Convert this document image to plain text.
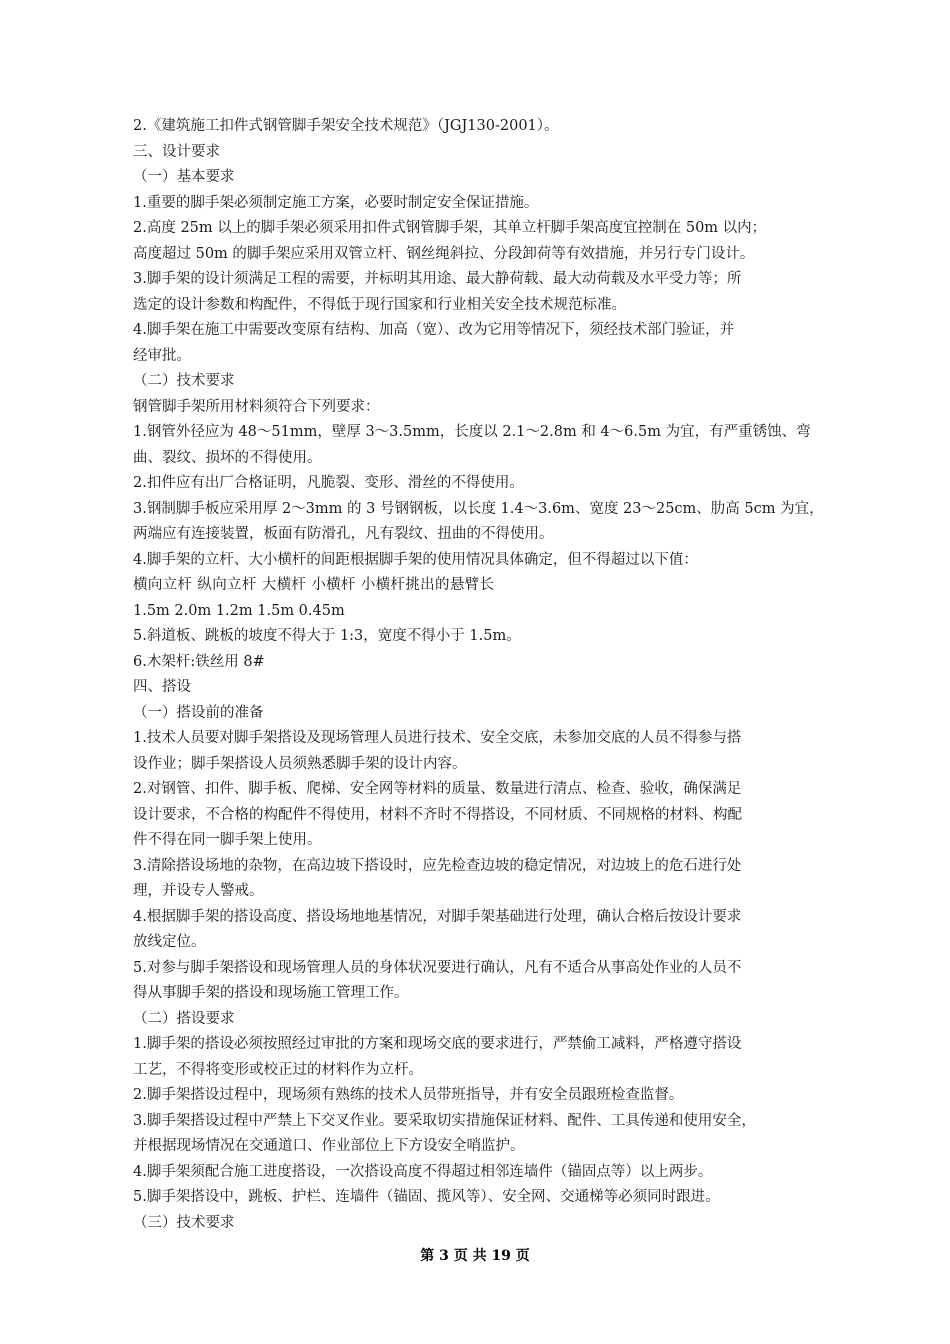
2.《建筑施工扣件式钢管脚手架安全技术规范》（JGJ130-2001）。
三、设计要求
（一）基本要求
1.重要的脚手架必须制定施工方案，必要时制定安全保证措施。
2.高度 25m 以上的脚手架必须采用扣件式钢管脚手架，其单立杆脚手架高度宜控制在 50m 以内；
高度超过 50m 的脚手架应采用双管立杆、钢丝绳斜拉、分段卸荷等有效措施，并另行专门设计。
3.脚手架的设计须满足工程的需要，并标明其用途、最大静荷载、最大动荷载及水平受力等；所
选定的设计参数和构配件，不得低于现行国家和行业相关安全技术规范标准。
4.脚手架在施工中需要改变原有结构、加高（宽）、改为它用等情况下，须经技术部门验证，并
经审批。
（二）技术要求
钢管脚手架所用材料须符合下列要求：
1.钢管外径应为 48～51mm，壁厚 3～3.5mm，长度以 2.1～2.8m 和 4～6.5m 为宜，有严重锈蚀、弯
曲、裂纹、损坏的不得使用。
2.扣件应有出厂合格证明，凡脆裂、变形、滑丝的不得使用。
3.钢制脚手板应采用厚 2～3mm 的 3 号钢钢板，以长度 1.4～3.6m、宽度 23～25cm、肋高 5cm 为宜，
两端应有连接装置，板面有防滑孔，凡有裂纹、扭曲的不得使用。
4.脚手架的立杆、大小横杆的间距根据脚手架的使用情况具体确定，但不得超过以下值：
横向立杆 纵向立杆 大横杆 小横杆 小横杆挑出的悬臂长
1.5m 2.0m 1.2m 1.5m 0.45m
5.斜道板、跳板的坡度不得大于 1:3，宽度不得小于 1.5m。
6.木架杆:铁丝用 8#
四、搭设
（一）搭设前的准备
1.技术人员要对脚手架搭设及现场管理人员进行技术、安全交底，未参加交底的人员不得参与搭
设作业；脚手架搭设人员须熟悉脚手架的设计内容。
2.对钢管、扣件、脚手板、爬梯、安全网等材料的质量、数量进行清点、检查、验收，确保满足
设计要求，不合格的构配件不得使用，材料不齐时不得搭设，不同材质、不同规格的材料、构配
件不得在同一脚手架上使用。
3.清除搭设场地的杂物，在高边坡下搭设时，应先检查边坡的稳定情况，对边坡上的危石进行处
理，并设专人警戒。
4.根据脚手架的搭设高度、搭设场地地基情况，对脚手架基础进行处理，确认合格后按设计要求
放线定位。
5.对参与脚手架搭设和现场管理人员的身体状况要进行确认，凡有不适合从事高处作业的人员不
得从事脚手架的搭设和现场施工管理工作。
（二）搭设要求
1.脚手架的搭设必须按照经过审批的方案和现场交底的要求进行，严禁偷工减料，严格遵守搭设
工艺，不得将变形或校正过的材料作为立杆。
2.脚手架搭设过程中，现场须有熟练的技术人员带班指导，并有安全员跟班检查监督。
3.脚手架搭设过程中严禁上下交叉作业。要采取切实措施保证材料、配件、工具传递和使用安全，
并根据现场情况在交通道口、作业部位上下方设安全哨监护。
4.脚手架须配合施工进度搭设，一次搭设高度不得超过相邻连墙件（锚固点等）以上两步。
5.脚手架搭设中，跳板、护栏、连墙件（锚固、揽风等）、安全网、交通梯等必须同时跟进。
（三）技术要求
第 3 页 共 19 页
